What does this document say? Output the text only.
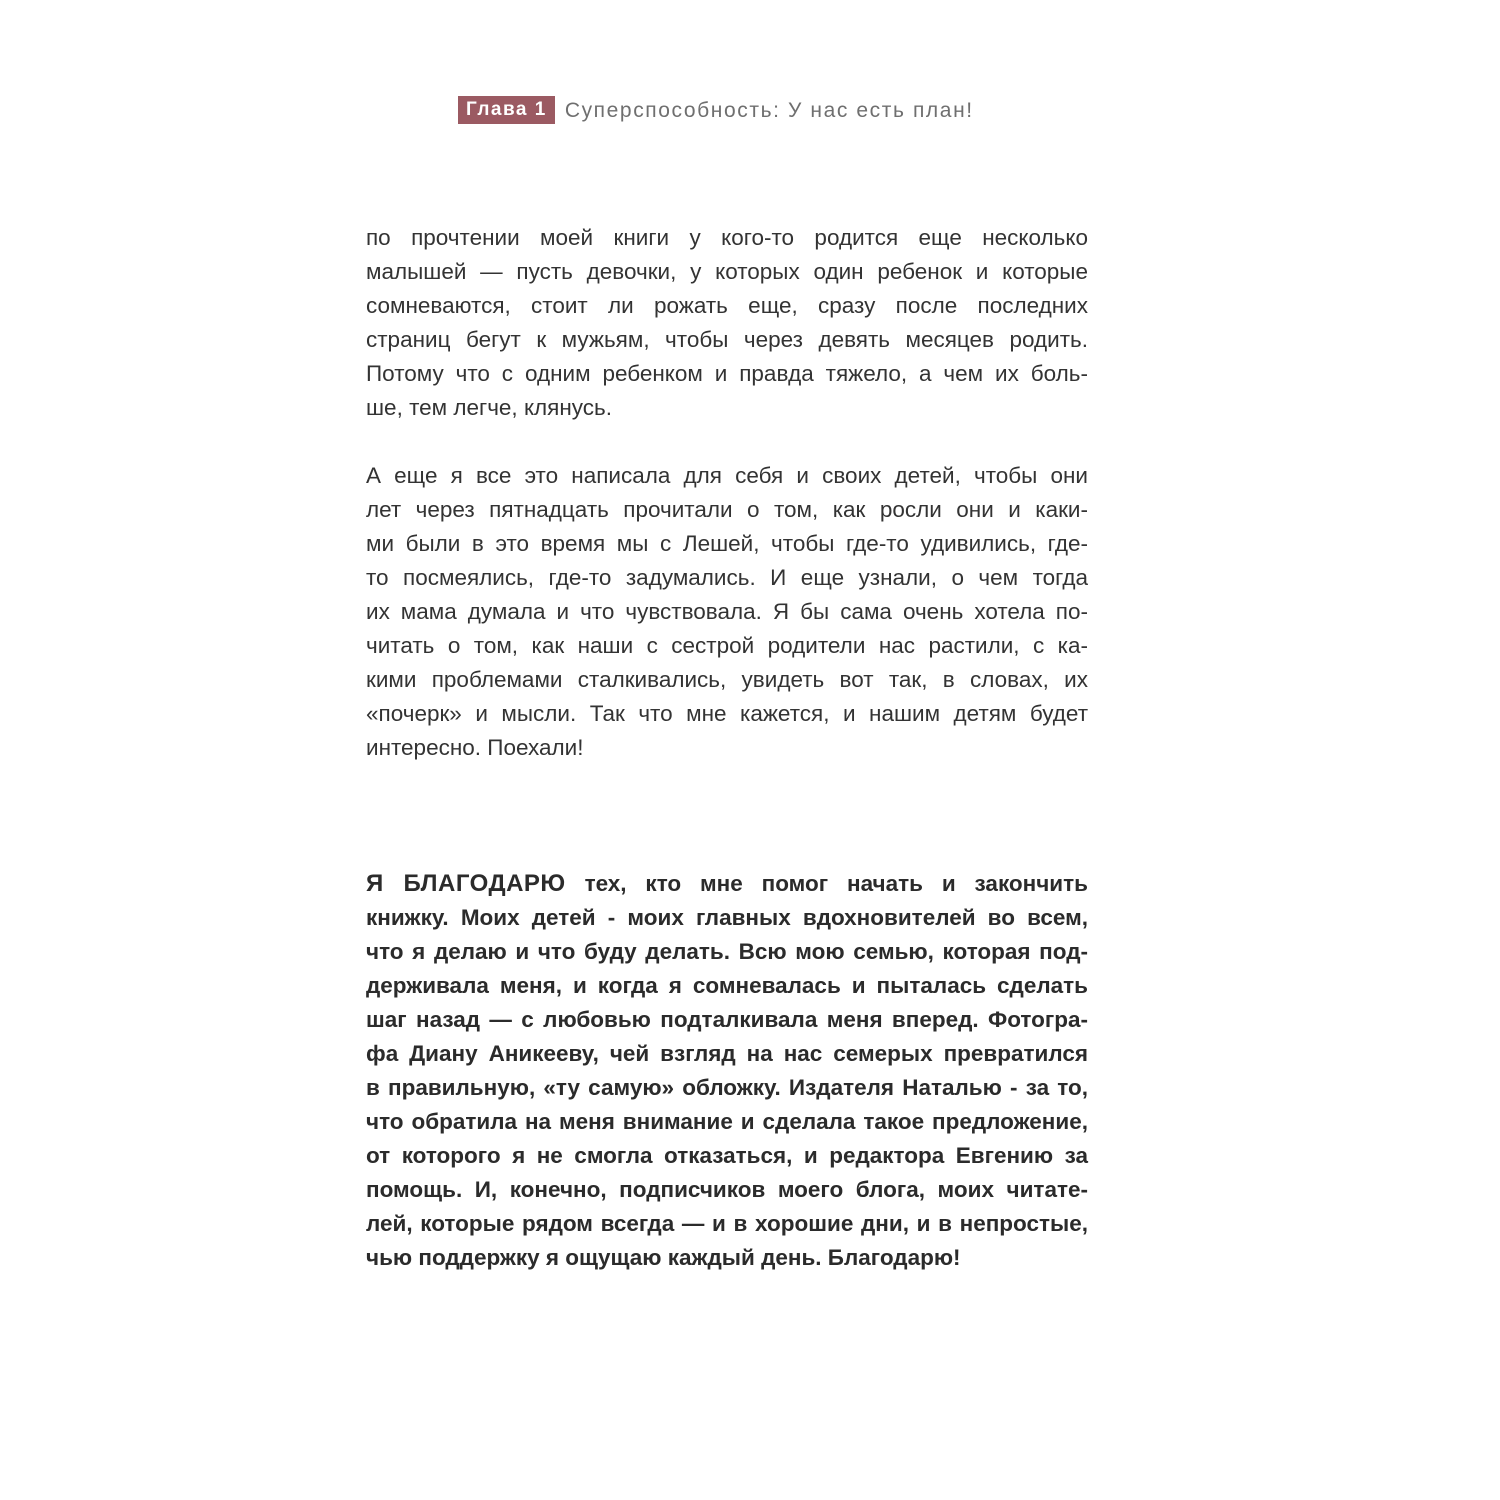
Глава 1 Суперспособность: У нас есть план!

по прочтении моей книги у кого-то родится еще несколько
малышей — пусть девочки, у которых один ребенок и которые
сомневаются, стоит ли рожать еще, сразу после последних
страниц бегут к мужьям, чтобы через девять месяцев родить.
Потому что с одним ребенком и правда тяжело, а чем их боль-
ше, тем легче, клянусь.

А еще я все это написала для себя и своих детей, чтобы они
лет через пятнадцать прочитали о том, как росли они и каки-
ми были в это время мы с Лешей, чтобы где-то удивились, где-
то посмеялись, где-то задумались. И еще узнали, о чем тогда
их мама думала и что чувствовала. Я бы сама очень хотела по-
читать о том, как наши с сестрой родители нас растили, с ка-
кими проблемами сталкивались, увидеть вот так, в словах, их
«почерк» и мысли. Так что мне кажется, и нашим детям будет
интересно. Поехали!

Я БЛАГОДАРЮ тех, кто мне помог начать и закончить
книжку. Моих детей - моих главных вдохновителей во всем,
что я делаю и что буду делать. Всю мою семью, которая под-
держивала меня, и когда я сомневалась и пыталась сделать
шаг назад — с любовью подталкивала меня вперед. Фотогра-
фа Диану Аникееву, чей взгляд на нас семерых превратился
в правильную, «ту самую» обложку. Издателя Наталью - за то,
что обратила на меня внимание и сделала такое предложение,
от которого я не смогла отказаться, и редактора Евгению за
помощь. И, конечно, подписчиков моего блога, моих читате-
лей, которые рядом всегда — и в хорошие дни, и в непростые,
чью поддержку я ощущаю каждый день. Благодарю!
